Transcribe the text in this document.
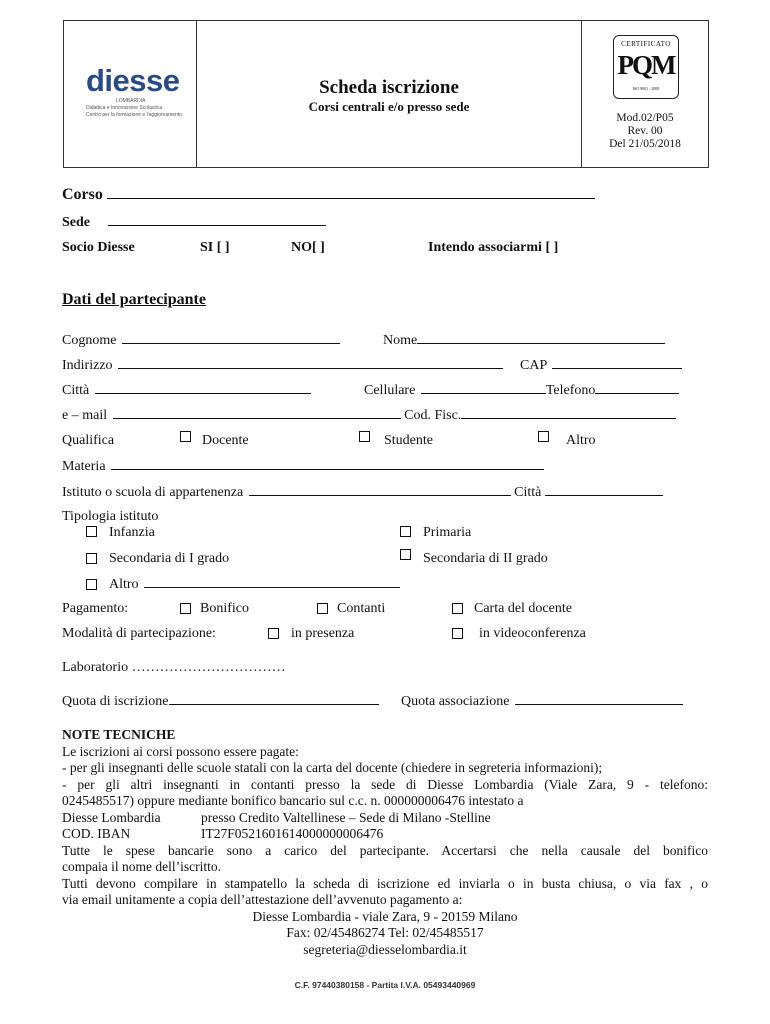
diesse
LOMBARDIA
Didattica e Innovazione Scolastica
Centro per la formazione e l'aggiornamento
Scheda iscrizione
Corsi centrali e/o presso sede
CERTIFICATO
PQM
ISO 9001 : 2008
Mod.02/P05
Rev. 00
Del 21/05/2018
Corso
Sede
Socio Diesse	SI [ ]	NO[ ]	Intendo associarmi [ ]
Dati del partecipante
Cognome	Nome
Indirizzo	CAP
Città	Cellulare	Telefono
e – mail	Cod. Fisc.
Qualifica	Docente	Studente	Altro
Materia
Istituto o scuola di appartenenza	Città
Tipologia istituto
Infanzia	Primaria
Secondaria di I grado	Secondaria di II grado
Altro
Pagamento:	Bonifico	Contanti	Carta del docente
Modalità di partecipazione:	in presenza	in videoconferenza
Laboratorio ……………………………
Quota di iscrizione	Quota associazione
NOTE TECNICHE
Le iscrizioni ai corsi possono essere pagate:
- per gli insegnanti delle scuole statali con la carta del docente (chiedere in segreteria informazioni);
- per gli altri insegnanti in contanti presso la sede di Diesse Lombardia (Viale Zara, 9 - telefono:
0245485517) oppure mediante bonifico bancario sul c.c. n. 000000006476 intestato a
Diesse Lombardia	presso Credito Valtellinese – Sede di Milano -Stelline
COD. IBAN	IT27F0521601614000000006476
Tutte le spese bancarie sono a carico del partecipante. Accertarsi che nella causale del bonifico
compaia il nome dell’iscritto.
Tutti devono compilare in stampatello la scheda di iscrizione ed inviarla o in busta chiusa, o via fax , o
via email unitamente a copia dell’attestazione dell’avvenuto pagamento a:
Diesse Lombardia - viale Zara, 9 - 20159 Milano
Fax: 02/45486274 Tel: 02/45485517
segreteria@diesselombardia.it
C.F. 97440380158 - Partita I.V.A. 05493440969
